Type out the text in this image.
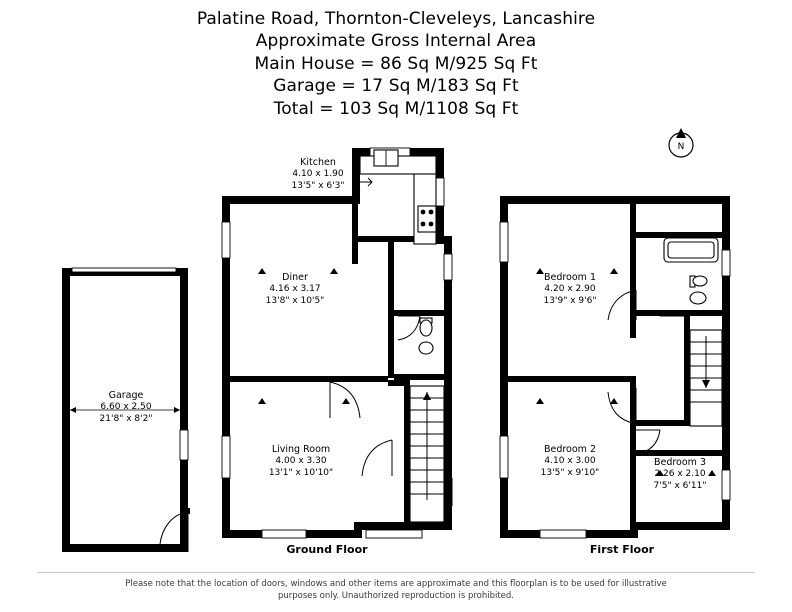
Palatine Road, Thornton-Cleveleys, Lancashire
Approximate Gross Internal Area
Main House = 86 Sq M/925 Sq Ft
Garage = 17 Sq M/183 Sq Ft
Total = 103 Sq M/1108 Sq Ft
N
Garage
6.60 x 2.50
21'8" x 8'2"
Kitchen
4.10 x 1.90
13'5" x 6'3"
Diner
4.16 x 3.17
13'8" x 10'5"
Living Room
4.00 x 3.30
13'1" x 10'10"
Bedroom 1
4.20 x 2.90
13'9" x 9'6"
Bedroom 2
4.10 x 3.00
13'5" x 9'10"
Bedroom 3
2.26 x 2.10
7'5" x 6'11"
Ground Floor	First Floor
Please note that the location of doors, windows and other items are approximate and this floorplan is to be used for illustrative
purposes only. Unauthorized reproduction is prohibited.
